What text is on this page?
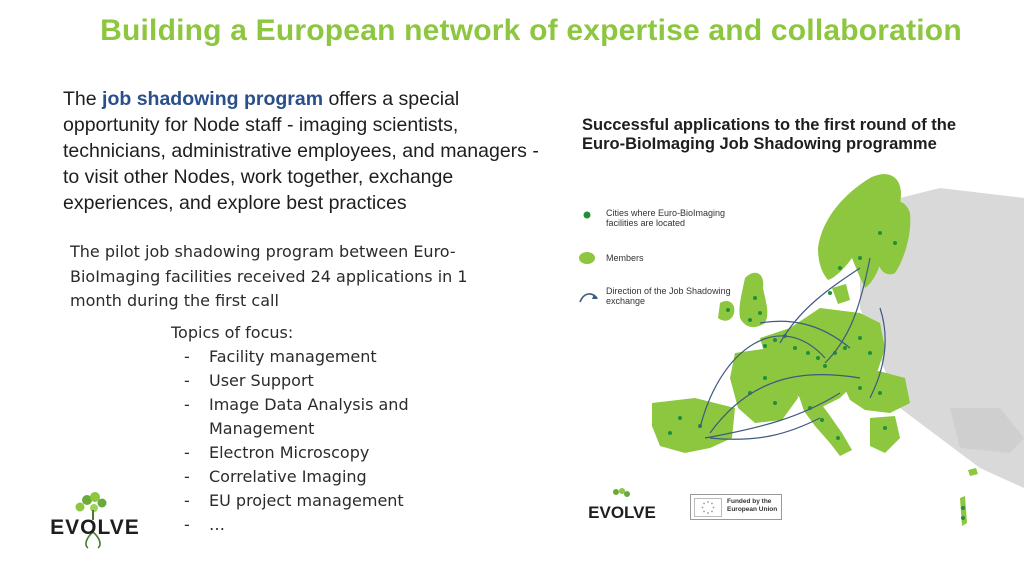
Building a European network of expertise and collaboration
The job shadowing program offers a special opportunity for Node staff - imaging scientists, technicians, administrative employees, and managers - to visit other Nodes, work together, exchange experiences, and explore best practices
The pilot job shadowing program between Euro-BioImaging facilities received 24 applications in 1 month during the first call
Topics of focus:
- Facility management
- User Support
- Image Data Analysis and Management
- Electron Microscopy
- Correlative Imaging
- EU project management
- …
EVOLVE
Successful applications to the first round of the Euro-BioImaging Job Shadowing programme
Cities where Euro-BioImaging facilities are located
Members
Direction of the Job Shadowing exchange
EVOLVE
Funded by the European Union
